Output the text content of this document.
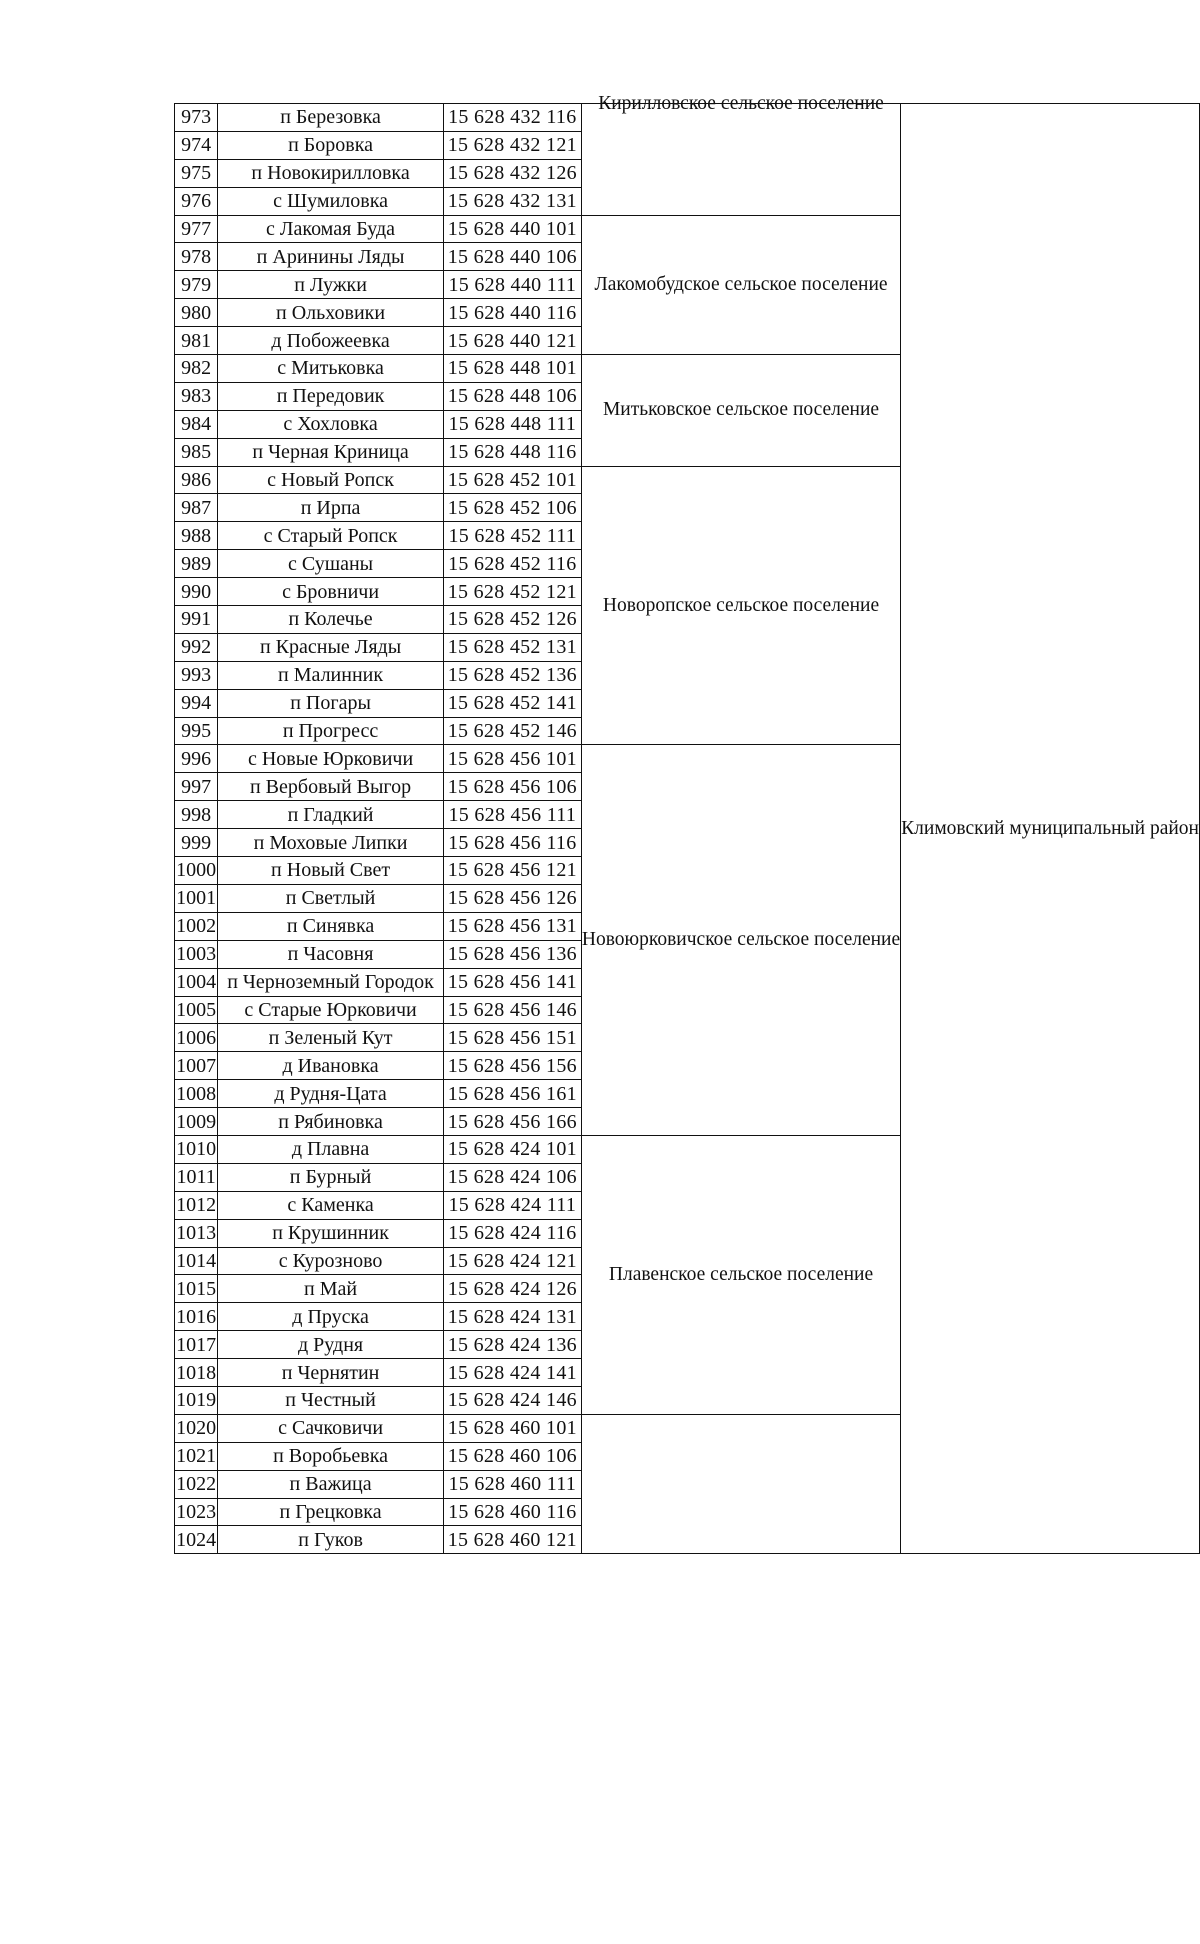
973	п Березовка	15 628 432 116	Кирилловское сельское поселение	Климовский муниципальный район
974	п Боровка	15 628 432 121		
975	п Новокирилловка	15 628 432 126		
976	с Шумиловка	15 628 432 131		
977	с Лакомая Буда	15 628 440 101	Лакомобудское сельское поселение	
978	п Аринины Ляды	15 628 440 106		
979	п Лужки	15 628 440 111		
980	п Ольховики	15 628 440 116		
981	д Побожеевка	15 628 440 121		
982	с Митьковка	15 628 448 101	Митьковское сельское поселение	
983	п Передовик	15 628 448 106		
984	с Хохловка	15 628 448 111		
985	п Черная Криница	15 628 448 116		
986	с Новый Ропск	15 628 452 101	Новоропское сельское поселение	
987	п Ирпа	15 628 452 106		
988	с Старый Ропск	15 628 452 111		
989	с Сушаны	15 628 452 116		
990	с Бровничи	15 628 452 121		
991	п Колечье	15 628 452 126		
992	п Красные Ляды	15 628 452 131		
993	п Малинник	15 628 452 136		
994	п Погары	15 628 452 141		
995	п Прогресс	15 628 452 146		
996	с Новые Юрковичи	15 628 456 101	Новоюрковичское сельское поселение	
997	п Вербовый Выгор	15 628 456 106		
998	п Гладкий	15 628 456 111		
999	п Моховые Липки	15 628 456 116		
1000	п Новый Свет	15 628 456 121		
1001	п Светлый	15 628 456 126		
1002	п Синявка	15 628 456 131		
1003	п Часовня	15 628 456 136		
1004	п Черноземный Городок	15 628 456 141		
1005	с Старые Юрковичи	15 628 456 146		
1006	п Зеленый Кут	15 628 456 151		
1007	д Ивановка	15 628 456 156		
1008	д Рудня-Цата	15 628 456 161		
1009	п Рябиновка	15 628 456 166		
1010	д Плавна	15 628 424 101	Плавенское сельское поселение	
1011	п Бурный	15 628 424 106		
1012	с Каменка	15 628 424 111		
1013	п Крушинник	15 628 424 116		
1014	с Курозново	15 628 424 121		
1015	п Май	15 628 424 126		
1016	д Пруска	15 628 424 131		
1017	д Рудня	15 628 424 136		
1018	п Чернятин	15 628 424 141		
1019	п Честный	15 628 424 146		
1020	с Сачковичи	15 628 460 101		
1021	п Воробьевка	15 628 460 106		
1022	п Важица	15 628 460 111		
1023	п Грецковка	15 628 460 116		
1024	п Гуков	15 628 460 121		
